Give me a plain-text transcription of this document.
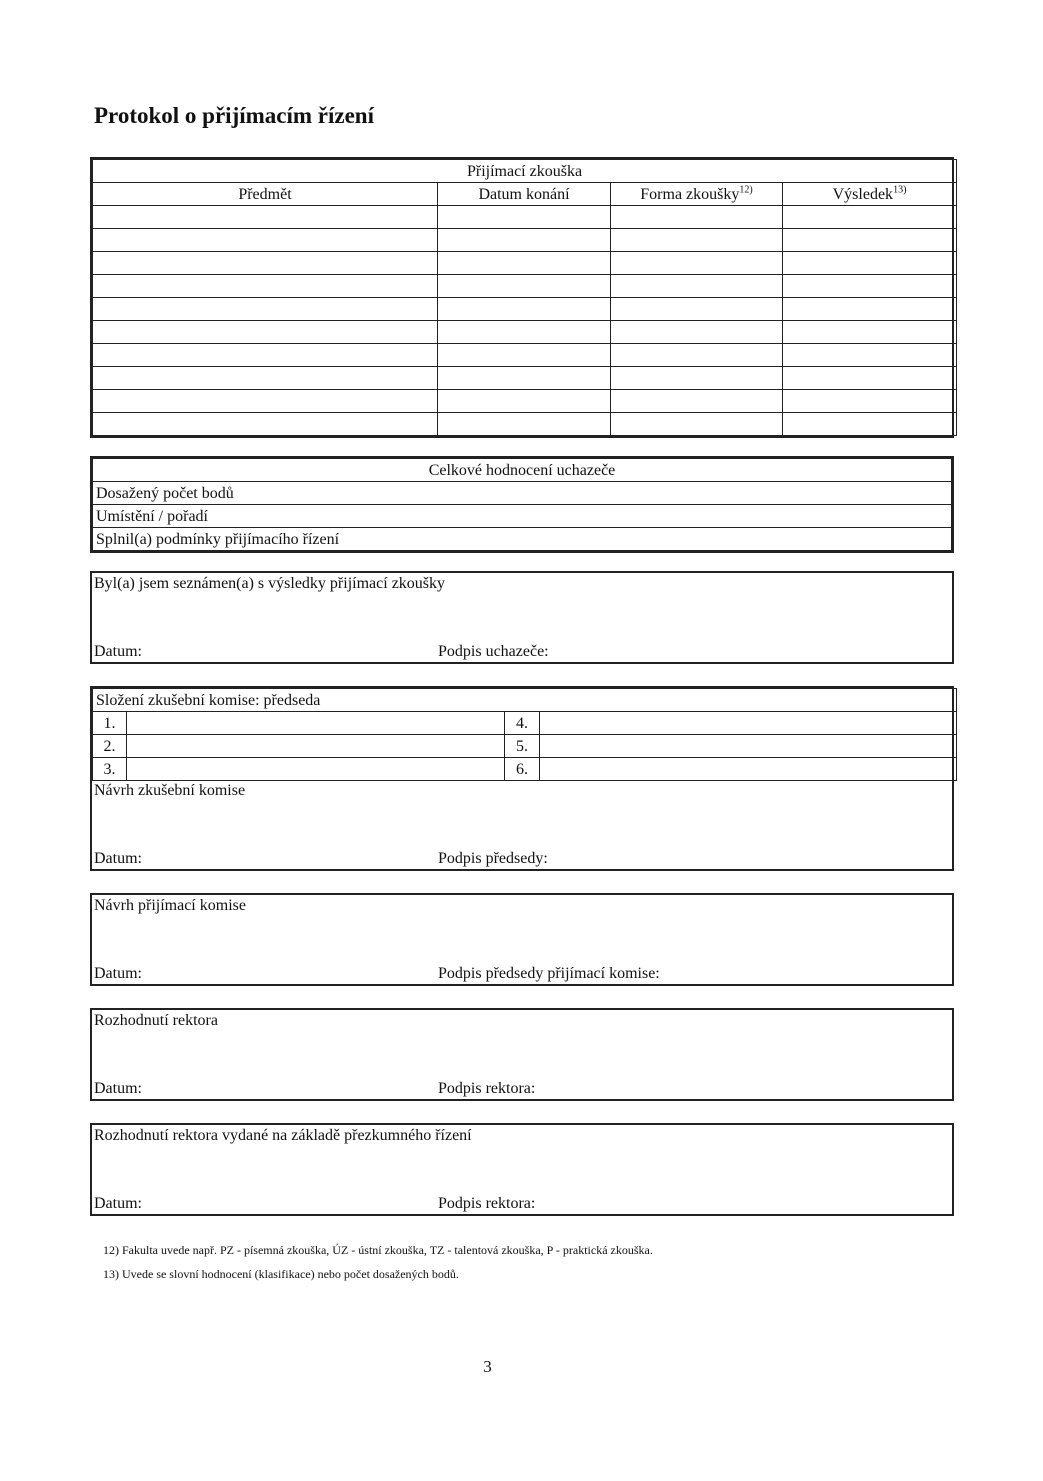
Protokol o přijímacím řízení
Přijímací zkouška			
Předmět	Datum konání	Forma zkoušky$^{12)}$	Výsledek$^{13)}$

Celkové hodnocení uchazeče
Dosažený počet bodů
Umístění / pořadí
Splnil(a) podmínky přijímacího řízení
Byl(a) jsem seznámen(a) s výsledky přijímací zkoušky
Datum:	Podpis uchazeče:
Složení zkušební komise: předseda			
1.		4.	
2.		5.	
3.		6.	
Návrh zkušební komise
Datum:	Podpis předsedy:
Návrh přijímací komise
Datum:	Podpis předsedy přijímací komise:
Rozhodnutí rektora
Datum:	Podpis rektora:
Rozhodnutí rektora vydané na základě přezkumného řízení
Datum:	Podpis rektora:
12) Fakulta uvede např. PZ - písemná zkouška, ÚZ - ústní zkouška, TZ - talentová zkouška, P - praktická zkouška.
13) Uvede se slovní hodnocení (klasifikace) nebo počet dosažených bodů.
3
